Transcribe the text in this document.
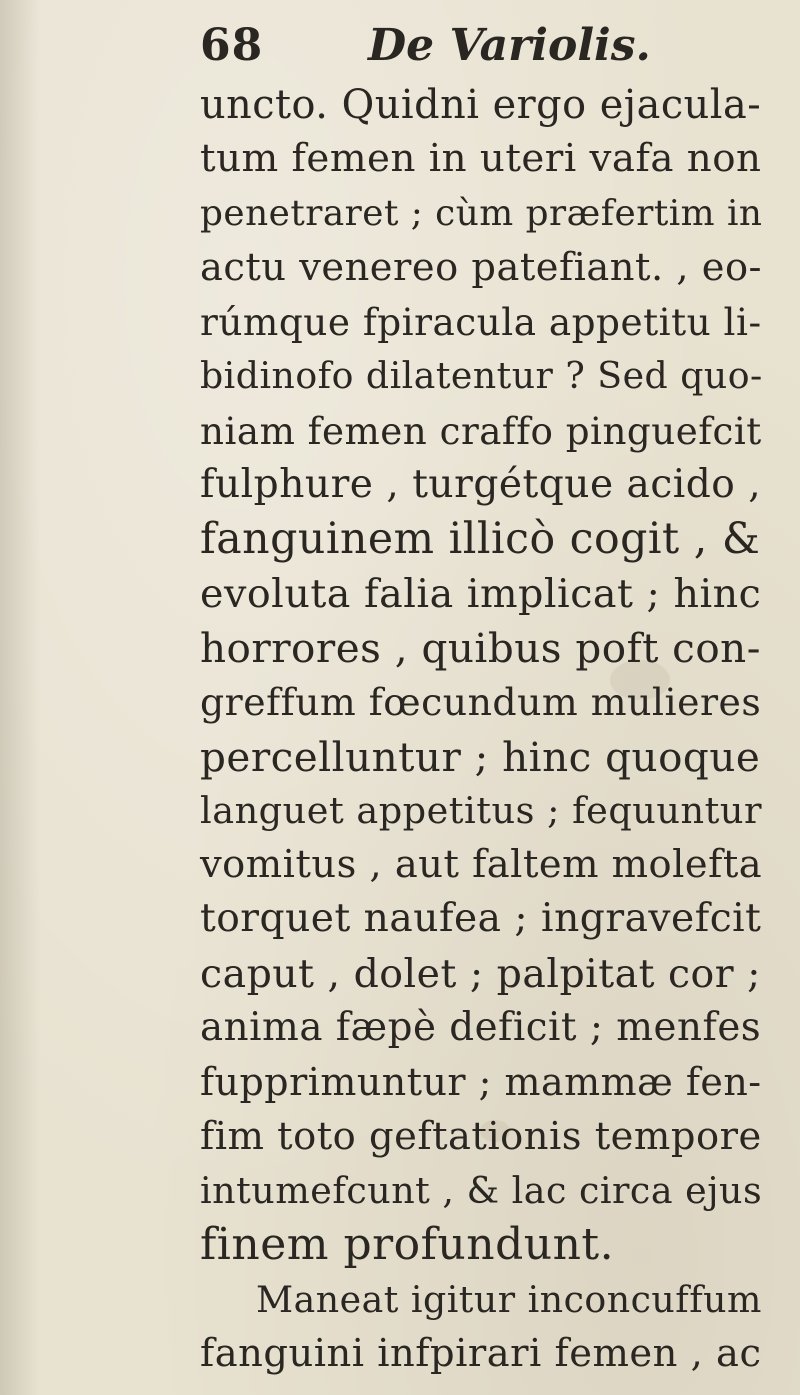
68 De Variolis.
uncto. Quidni ergo ejacula-
tum femen in uteri vafa non
penetraret ; cùm præfertim in
actu venereo patefiant. , eo-
rúmque fpiracula appetitu li-
bidinofo dilatentur ? Sed quo-
niam femen craffo pinguefcit
fulphure , turgétque acido ,
fanguinem illicò cogit , &
evoluta falia implicat ; hinc
horrores , quibus poft con-
greffum fœcundum mulieres
percelluntur ; hinc quoque
languet appetitus ; fequuntur
vomitus , aut faltem molefta
torquet naufea ; ingravefcit
caput , dolet ; palpitat cor ;
anima fæpè deficit ; menfes
fupprimuntur ; mammæ fen-
fim toto geftationis tempore
intumefcunt , & lac circa ejus
finem profundunt.
Maneat igitur inconcuffum
fanguini infpirari femen , ac
